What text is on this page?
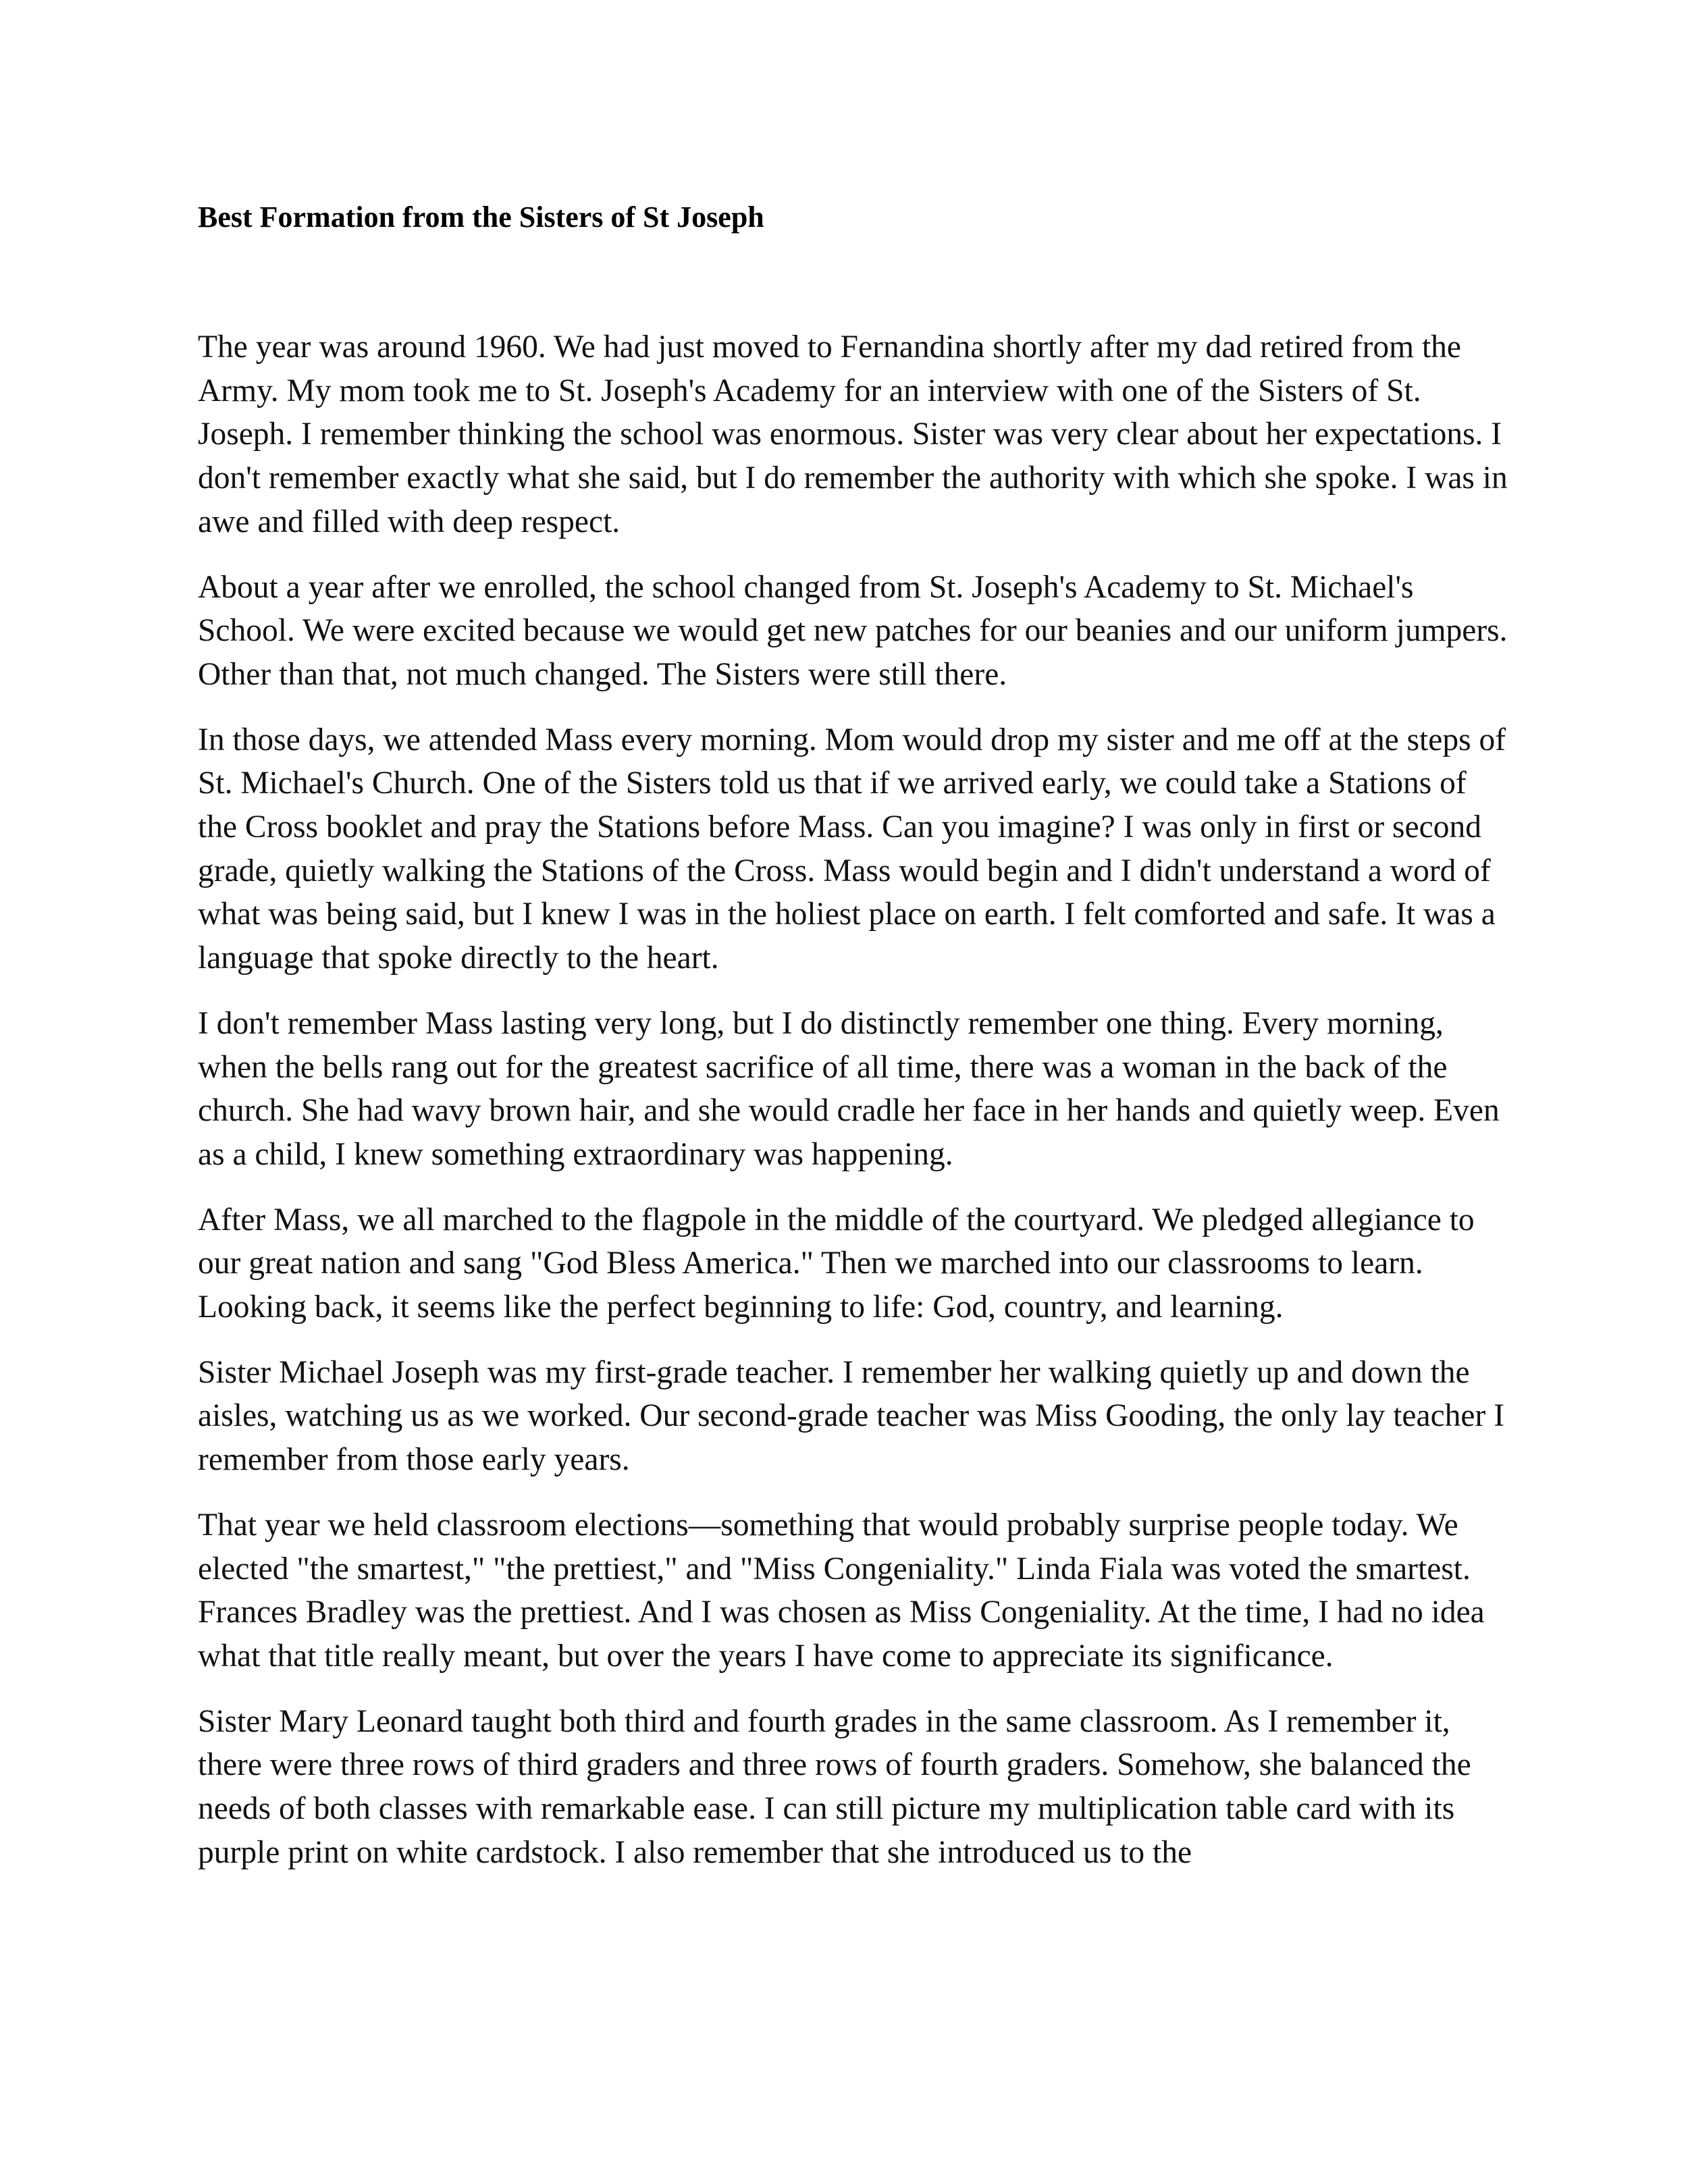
Best Formation from the Sisters of St Joseph

The year was around 1960. We had just moved to Fernandina shortly after my dad retired from the Army. My mom took me to St. Joseph's Academy for an interview with one of the Sisters of St. Joseph. I remember thinking the school was enormous. Sister was very clear about her expectations. I don't remember exactly what she said, but I do remember the authority with which she spoke. I was in awe and filled with deep respect.

About a year after we enrolled, the school changed from St. Joseph's Academy to St. Michael's School. We were excited because we would get new patches for our beanies and our uniform jumpers. Other than that, not much changed. The Sisters were still there.

In those days, we attended Mass every morning. Mom would drop my sister and me off at the steps of St. Michael's Church. One of the Sisters told us that if we arrived early, we could take a Stations of the Cross booklet and pray the Stations before Mass. Can you imagine? I was only in first or second grade, quietly walking the Stations of the Cross. Mass would begin and I didn't understand a word of what was being said, but I knew I was in the holiest place on earth. I felt comforted and safe. It was a language that spoke directly to the heart.

I don't remember Mass lasting very long, but I do distinctly remember one thing. Every morning, when the bells rang out for the greatest sacrifice of all time, there was a woman in the back of the church. She had wavy brown hair, and she would cradle her face in her hands and quietly weep. Even as a child, I knew something extraordinary was happening.

After Mass, we all marched to the flagpole in the middle of the courtyard. We pledged allegiance to our great nation and sang "God Bless America." Then we marched into our classrooms to learn. Looking back, it seems like the perfect beginning to life: God, country, and learning.

Sister Michael Joseph was my first-grade teacher. I remember her walking quietly up and down the aisles, watching us as we worked. Our second-grade teacher was Miss Gooding, the only lay teacher I remember from those early years.

That year we held classroom elections—something that would probably surprise people today. We elected "the smartest," "the prettiest," and "Miss Congeniality." Linda Fiala was voted the smartest. Frances Bradley was the prettiest. And I was chosen as Miss Congeniality. At the time, I had no idea what that title really meant, but over the years I have come to appreciate its significance.

Sister Mary Leonard taught both third and fourth grades in the same classroom. As I remember it, there were three rows of third graders and three rows of fourth graders. Somehow, she balanced the needs of both classes with remarkable ease. I can still picture my multiplication table card with its purple print on white cardstock. I also remember that she introduced us to the
